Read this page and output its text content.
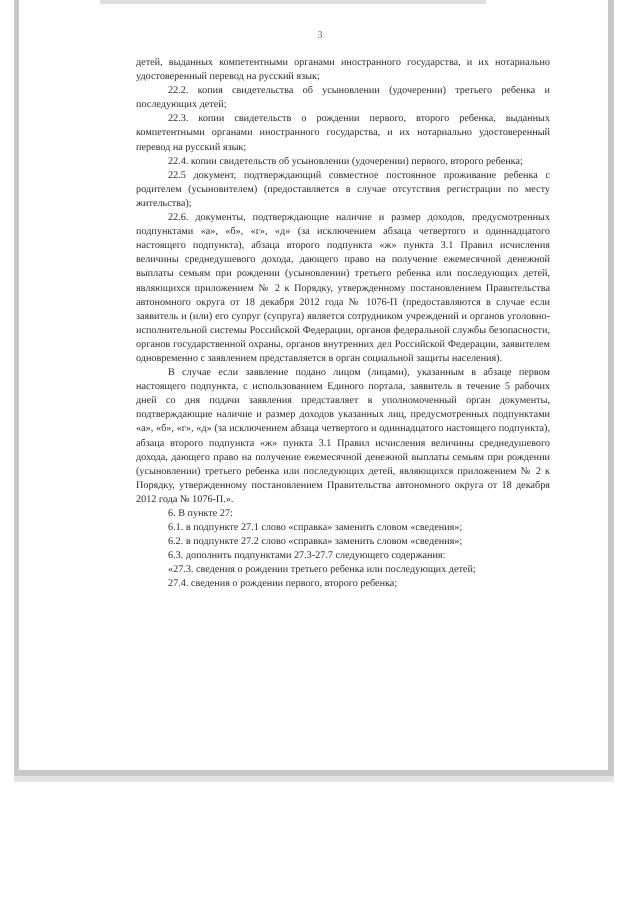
3

детей, выданных компетентными органами иностранного государства, и их нотариально удостоверенный перевод на русский язык;

22.2. копия свидетельства об усыновлении (удочерении) третьего ребенка и последующих детей;

22.3. копии свидетельств о рождении первого, второго ребенка, выданных компетентными органами иностранного государства, и их нотариально удостоверенный перевод на русский язык;

22.4. копии свидетельств об усыновлении (удочерении) первого, второго ребенка;

22.5 документ, подтверждающий совместное постоянное проживание ребенка с родителем (усыновителем) (предоставляется в случае отсутствия регистрации по месту жительства);

22.6. документы, подтверждающие наличие и размер доходов, предусмотренных подпунктами «а», «б», «г», «д» (за исключением абзаца четвертого и одиннадцатого настоящего подпункта), абзаца второго подпункта «ж» пункта 3.1 Правил исчисления величины среднедушевого дохода, дающего право на получение ежемесячной денежной выплаты семьям при рождении (усыновлении) третьего ребенка или последующих детей, являющихся приложением № 2 к Порядку, утвержденному постановлением Правительства автономного округа от 18 декабря 2012 года № 1076-П (предоставляются в случае если заявитель и (или) его супруг (супруга) является сотрудником учреждений и органов уголовно-исполнительной системы Российской Федерации, органов федеральной службы безопасности, органов государственной охраны, органов внутренних дел Российской Федерации, заявителем одновременно с заявлением представляется в орган социальной защиты населения).

В случае если заявление подано лицом (лицами), указанным в абзаце первом настоящего подпункта, с использованием Единого портала, заявитель в течение 5 рабочих дней со дня подачи заявления представляет в уполномоченный орган документы, подтверждающие наличие и размер доходов указанных лиц, предусмотренных подпунктами «а», «б», «г», «д» (за исключением абзаца четвертого и одиннадцатого настоящего подпункта), абзаца второго подпункта «ж» пункта 3.1 Правил исчисления величины среднедушевого дохода, дающего право на получение ежемесячной денежной выплаты семьям при рождении (усыновлении) третьего ребенка или последующих детей, являющихся приложением № 2 к Порядку, утвержденному постановлением Правительства автономного округа от 18 декабря 2012 года № 1076-П.».

6. В пункте 27:

6.1. в подпункте 27.1 слово «справка» заменить словом «сведения»;

6.2. в подпункте 27.2 слово «справка» заменить словом «сведения»;

6.3. дополнить подпунктами 27.3-27.7 следующего содержания:

«27.3. сведения о рождении третьего ребенка или последующих детей;

27.4. сведения о рождении первого, второго ребенка;
